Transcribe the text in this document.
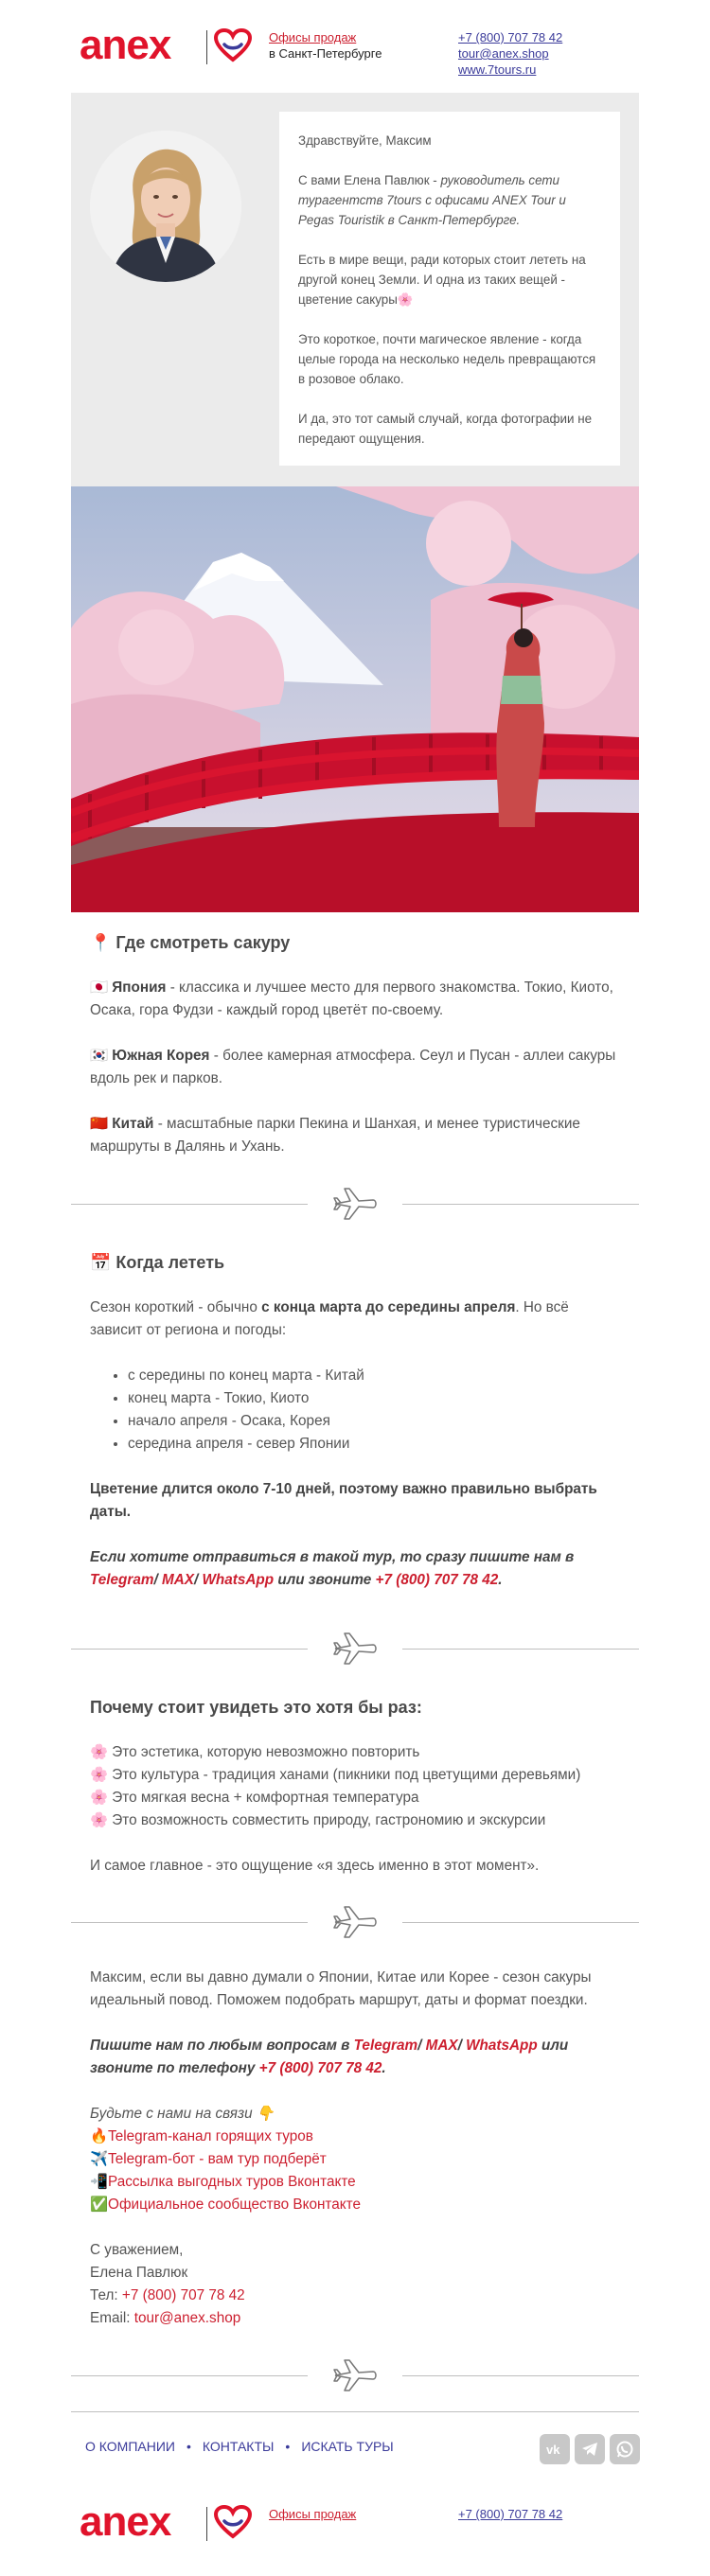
anex	Офисы продаж
в Санкт-Петербурге
+7 (800) 707 78 42
tour@anex.shop
www.7tours.ru

Здравствуйте, Максим

С вами Елена Павлюк - руководитель сети турагентств 7tours с офисами ANEX Tour и Pegas Touristik в Санкт-Петербурге.

Есть в мире вещи, ради которых стоит лететь на другой конец Земли. И одна из таких вещей - цветение сакуры🌸

Это короткое, почти магическое явление - когда целые города на несколько недель превращаются в розовое облако.

И да, это тот самый случай, когда фотографии не передают ощущения.

📍 Где смотреть сакуру

🇯🇵 Япония - классика и лучшее место для первого знакомства. Токио, Киото, Осака, гора Фудзи - каждый город цветёт по-своему.

🇰🇷 Южная Корея - более камерная атмосфера. Сеул и Пусан - аллеи сакуры вдоль рек и парков.

🇨🇳 Китай - масштабные парки Пекина и Шанхая, и менее туристические маршруты в Далянь и Ухань.

📅 Когда лететь

Сезон короткий - обычно с конца марта до середины апреля. Но всё зависит от региона и погоды:

• с середины по конец марта - Китай
• конец марта - Токио, Киото
• начало апреля - Осака, Корея
• середина апреля - север Японии

Цветение длится около 7-10 дней, поэтому важно правильно выбрать даты.

Если хотите отправиться в такой тур, то сразу пишите нам в Telegram/ MAX/ WhatsApp или звоните +7 (800) 707 78 42.

Почему стоит увидеть это хотя бы раз:

🌸 Это эстетика, которую невозможно повторить

🌸 Это культура - традиция ханами (пикники под цветущими деревьями)

🌸 Это мягкая весна + комфортная температура

🌸 Это возможность совместить природу, гастрономию и экскурсии

И самое главное - это ощущение «я здесь именно в этот момент».

Максим, если вы давно думали о Японии, Китае или Корее - сезон сакуры идеальный повод. Поможем подобрать маршрут, даты и формат поездки.

Пишите нам по любым вопросам в Telegram/ MAX/ WhatsApp или звоните по телефону +7 (800) 707 78 42.

Будьте с нами на связи 👇

🔥Telegram-канал горящих туров

✈️Telegram-бот - вам тур подберёт

📲Рассылка выгодных туров Вконтакте

✅Официальное сообщество Вконтакте

С уважением,

Елена Павлюк

Тел: +7 (800) 707 78 42

Email: tour@anex.shop

О КОМПАНИИ • КОНТАКТЫ • ИСКАТЬ ТУРЫ	vk
anex	Офисы продаж	+7 (800) 707 78 42
